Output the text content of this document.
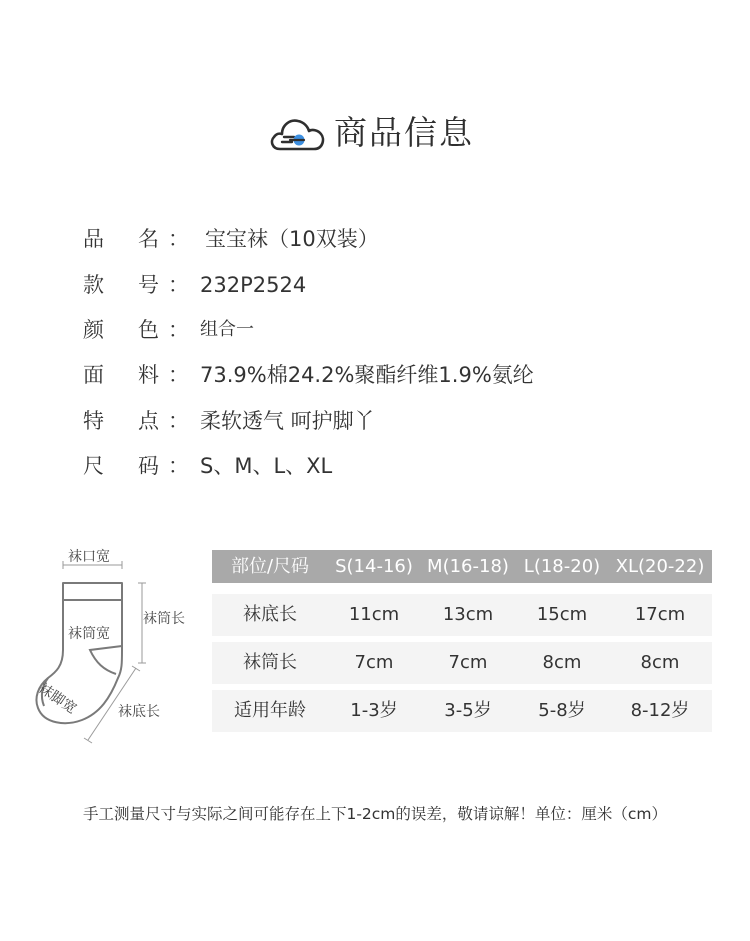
商品信息
品 名 ： 宝宝袜（10双装）
款 号 ： 232P2524
颜 色 ： 组合一
面 料 ： 73.9%棉24.2%聚酯纤维1.9%氨纶
特 点 ： 柔软透气 呵护脚丫
尺 码 ： S、M、L、XL
袜口宽
袜筒长
袜筒宽
袜脚宽	袜底长
部位/尺码	S(14-16) M(16-18) L(18-20) XL(20-22)
袜底长	11cm	13cm	15cm	17cm
袜筒长	7cm	7cm	8cm	8cm
适用年龄	1-3岁	3-5岁	5-8岁	8-12岁
手工测量尺寸与实际之间可能存在上下1-2cm的误差，敬请谅解！单位：厘米（cm）
